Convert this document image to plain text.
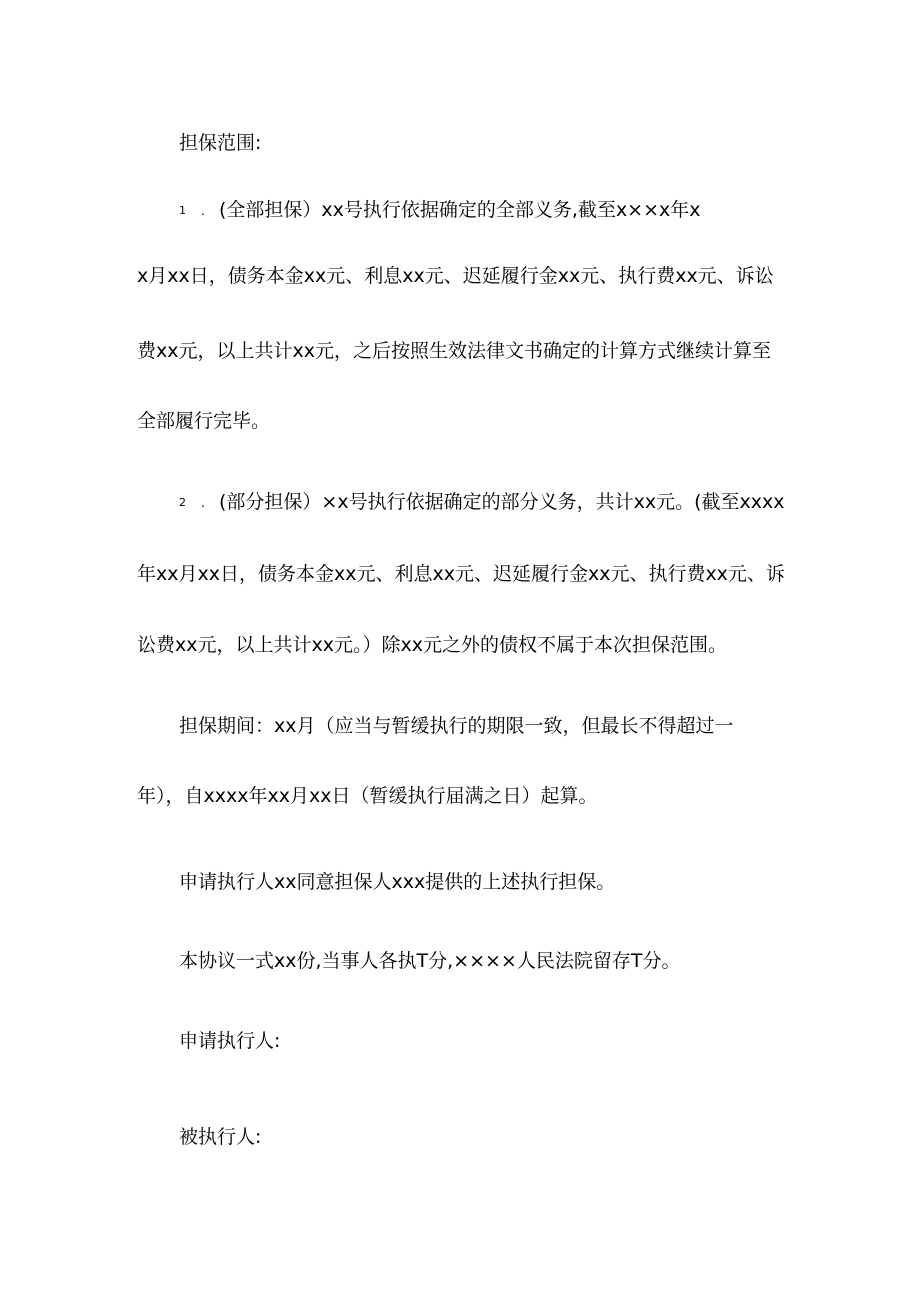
担保范围:
1 . (全部担保）xx号执行依据确定的全部义务,截至x××x年x
x月xx日，债务本金xx元、利息xx元、迟延履行金xx元、执行费xx元、诉讼
费xx元，以上共计xx元，之后按照生效法律文书确定的计算方式继续计算至
全部履行完毕。
2 . (部分担保）×x号执行依据确定的部分义务，共计xx元。(截至xxxx
年xx月xx日，债务本金xx元、利息xx元、迟延履行金xx元、执行费xx元、诉
讼费xx元，以上共计xx元。）除xx元之外的债权不属于本次担保范围。
担保期间：xx月（应当与暂缓执行的期限一致，但最长不得超过一
年），自xxxx年xx月xx日（暂缓执行届满之日）起算。
申请执行人xx同意担保人xxx提供的上述执行担保。
本协议一式xx份,当事人各执T分,××××人民法院留存T分。
申请执行人:
被执行人:
